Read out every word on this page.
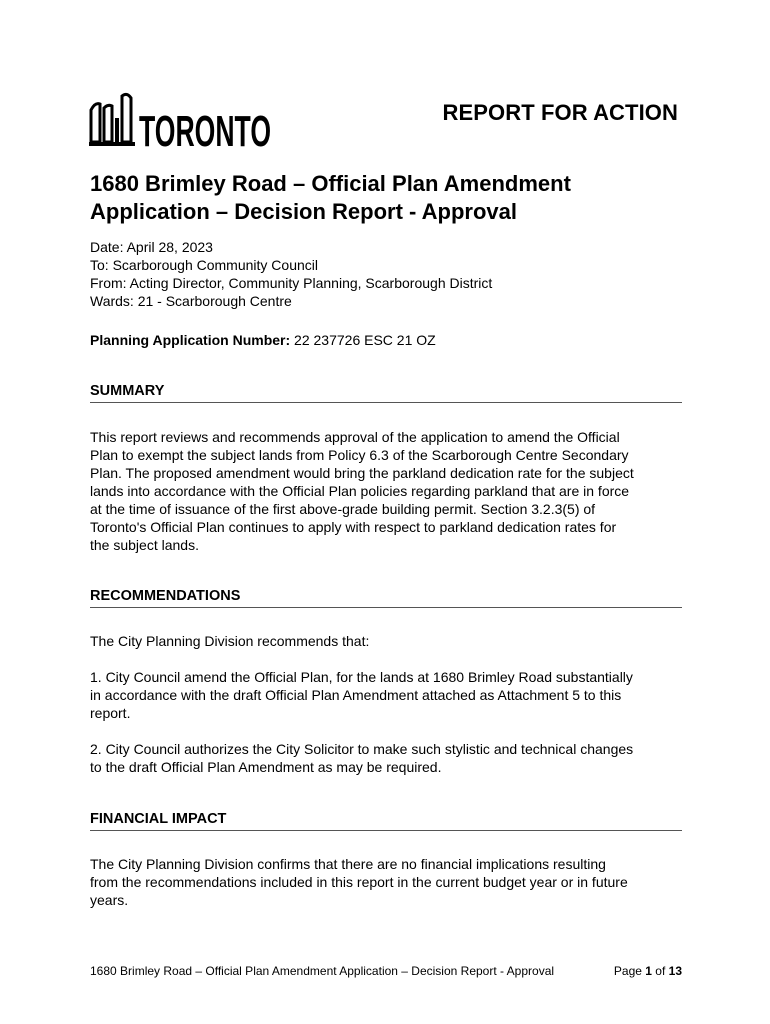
TORONTO	REPORT FOR ACTION
1680 Brimley Road – Official Plan Amendment
Application – Decision Report - Approval
Date: April 28, 2023
To: Scarborough Community Council
From: Acting Director, Community Planning, Scarborough District
Wards: 21 - Scarborough Centre
Planning Application Number: 22 237726 ESC 21 OZ
SUMMARY
This report reviews and recommends approval of the application to amend the Official
Plan to exempt the subject lands from Policy 6.3 of the Scarborough Centre Secondary
Plan. The proposed amendment would bring the parkland dedication rate for the subject
lands into accordance with the Official Plan policies regarding parkland that are in force
at the time of issuance of the first above-grade building permit. Section 3.2.3(5) of
Toronto's Official Plan continues to apply with respect to parkland dedication rates for
the subject lands.
RECOMMENDATIONS
The City Planning Division recommends that:
1. City Council amend the Official Plan, for the lands at 1680 Brimley Road substantially
in accordance with the draft Official Plan Amendment attached as Attachment 5 to this
report.
2. City Council authorizes the City Solicitor to make such stylistic and technical changes
to the draft Official Plan Amendment as may be required.
FINANCIAL IMPACT
The City Planning Division confirms that there are no financial implications resulting
from the recommendations included in this report in the current budget year or in future
years.
1680 Brimley Road – Official Plan Amendment Application – Decision Report - Approval	Page 1 of 13
